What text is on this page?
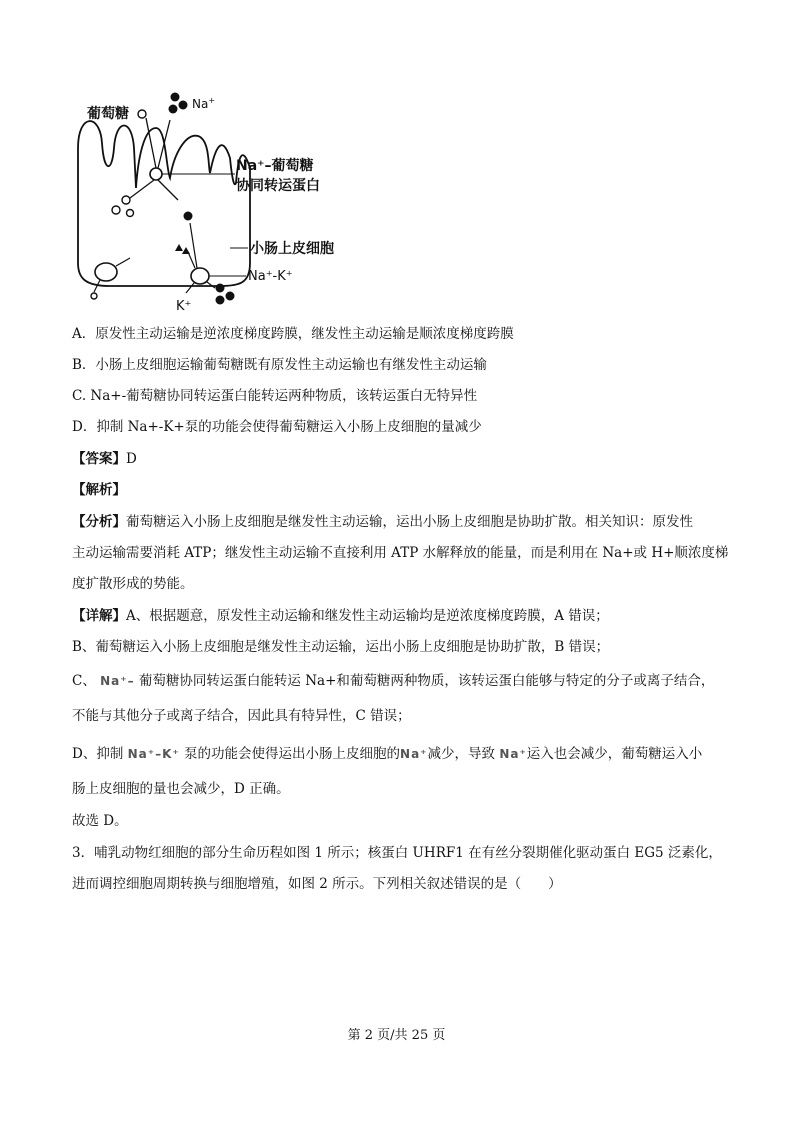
葡萄糖
Na+
Na⁺–葡萄糖
协同转运蛋白
小肠上皮细胞
Na⁺-K⁺
K⁺
A．原发性主动运输是逆浓度梯度跨膜，继发性主动运输是顺浓度梯度跨膜
B．小肠上皮细胞运输葡萄糖既有原发性主动运输也有继发性主动运输
C. Na+-葡萄糖协同转运蛋白能转运两种物质，该转运蛋白无特异性
D．抑制 Na+-K+泵的功能会使得葡萄糖运入小肠上皮细胞的量减少
【答案】D
【解析】
【分析】葡萄糖运入小肠上皮细胞是继发性主动运输，运出小肠上皮细胞是协助扩散。相关知识：原发性
主动运输需要消耗 ATP；继发性主动运输不直接利用 ATP 水解释放的能量，而是利用在 Na+或 H+顺浓度梯
度扩散形成的势能。
【详解】A、根据题意，原发性主动运输和继发性主动运输均是逆浓度梯度跨膜，A 错误；
B、葡萄糖运入小肠上皮细胞是继发性主动运输，运出小肠上皮细胞是协助扩散，B 错误；
C、 Na⁺– 葡萄糖协同转运蛋白能转运 Na+和葡萄糖两种物质，该转运蛋白能够与特定的分子或离子结合，
不能与其他分子或离子结合，因此具有特异性，C 错误；
D、抑制 Na⁺–K⁺ 泵的功能会使得运出小肠上皮细胞的Na⁺减少，导致 Na⁺运入也会减少，葡萄糖运入小
肠上皮细胞的量也会减少，D 正确。
故选 D。
3．哺乳动物红细胞的部分生命历程如图 1 所示；核蛋白 UHRF1 在有丝分裂期催化驱动蛋白 EG5 泛素化，
进而调控细胞周期转换与细胞增殖，如图 2 所示。下列相关叙述错误的是（　　）
第 2 页/共 25 页
